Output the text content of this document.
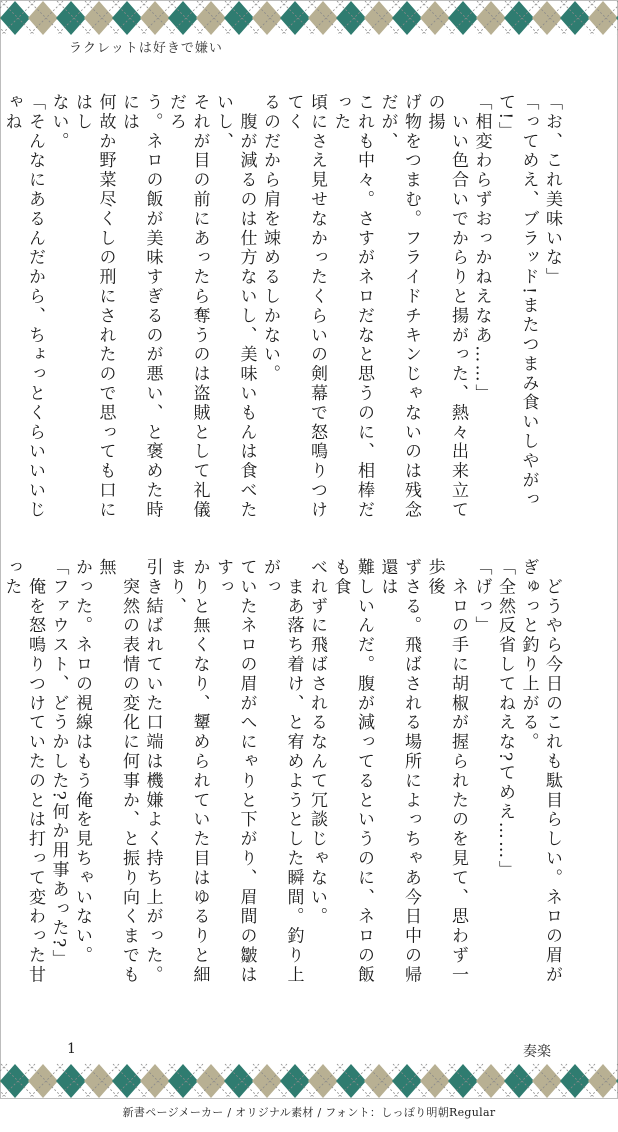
ラクレットは好きで嫌い

「お、これ美味いな」

「ってめえ、ブラッド!またつまみ食いしやがって!」

「相変わらずおっかねえなあ……」

　いい色合いでからりと揚がった、熱々出来立ての揚

げ物をつまむ。フライドチキンじゃないのは残念だが、

これも中々。さすがネロだなと思うのに、相棒だった

頃にさえ見せなかったくらいの剣幕で怒鳴りつけてく

るのだから肩を竦めるしかない。

　腹が減るのは仕方ないし、美味いもんは食べたいし、

それが目の前にあったら奪うのは盗賊として礼儀だろ

う。ネロの飯が美味すぎるのが悪い、と褒めた時には

何故か野菜尽くしの刑にされたので思っても口にはし

ない。

「そんなにあるんだから、ちょっとくらいいいじゃね

　どうやら今日のこれも駄目らしい。ネロの眉が

ぎゅっと釣り上がる。

「全然反省してねえな?てめえ……」

「げっ」

　ネロの手に胡椒が握られたのを見て、思わず一歩後

ずさる。飛ばされる場所によっちゃあ今日中の帰還は

難しいんだ。腹が減ってるというのに、ネロの飯も食

べれずに飛ばされるなんて冗談じゃない。

　まあ落ち着け、と宥めようとした瞬間。釣り上がっ

ていたネロの眉がへにゃりと下がり、眉間の皺はすっ

かりと無くなり、顰められていた目はゆるりと細まり、

引き結ばれていた口端は機嫌よく持ち上がった。

　突然の表情の変化に何事か、と振り向くまでも無

かった。ネロの視線はもう俺を見ちゃいない。

「ファウスト、どうかした?何か用事あった?」

　俺を怒鳴りつけていたのとは打って変わった甘った

1	奏楽
新書ページメーカー / オリジナル素材 / フォント：しっぽり明朝Regular
